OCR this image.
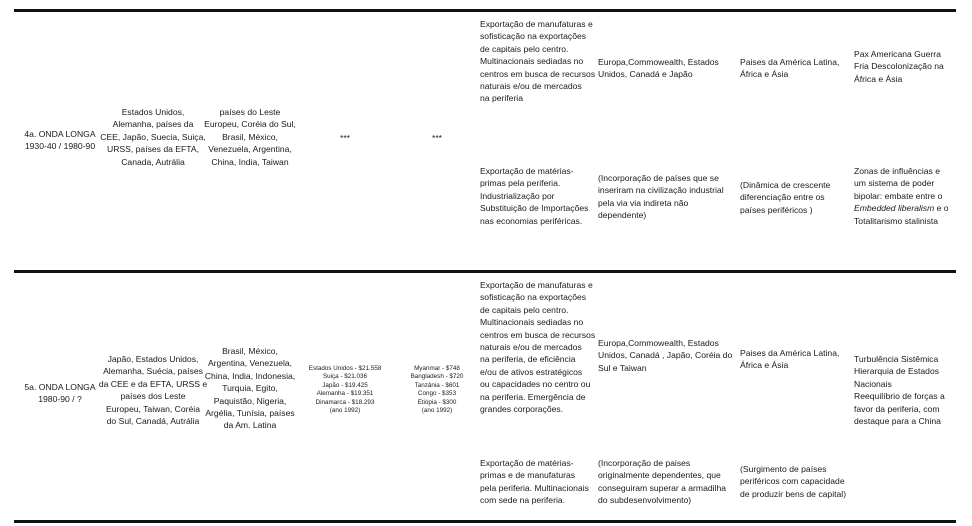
4a. ONDA LONGA
1930-40 / 1980-90
Estados Unidos,
Alemanha, países da
CEE, Japão, Suecia, Suiça,
URSS, países da EFTA,
Canada, Autrália
países do Leste
Europeu, Coréia do Sul,
Brasil, México,
Venezuela, Argentina,
China, India, Taiwan
***	***
Exportação de manufaturas e
sofisticação na exportações
de capitais pelo centro.
Multinacionais sediadas no
centros em busca de recursos
naturais e/ou de mercados
na periferia
Exportação de matérias-
primas pela periferia.
Industrialização por
Substituição de Importações
nas economias periféricas.
Europa,Commowealth, Estados
Unidos, Canadá e Japão
(Incorporação de países que se
inseriram na civilização industrial
pela via via indireta não
dependente)
Paises da América Latina,
África e Ásia
(Dinâmica de crescente
diferenciação entre os
países periféricos )
Pax Americana Guerra
Fria Descolonização na
África e Ásia
Zonas de influências e
um sistema de poder
bipolar: embate entre o
Embedded liberalism e o
Totalitarismo stalinista
5a. ONDA LONGA
1980-90 / ?
Japão, Estados Unidos,
Alemanha, Suécia, países
da CEE e da EFTA, URSS e
países dos Leste
Europeu, Taiwan, Coréia
do Sul, Canadá, Autrália
Brasil, México,
Argentina, Venezuela,
China, India, Indonesia,
Turquia, Egito,
Paquistão, Nigeria,
Argélia, Tunísia, países
da Am. Latina
Estados Unidos - $21.558
Suiça - $21.036
Japão - $19.425
Alemanha - $19.351
Dinamarca - $18.293
(ano 1992)
Myanmar - $748
Bangladesh - $720
Tanzânia - $601
Congo - $353
Etiópia - $300
(ano 1992)
Exportação de manufaturas e
sofisticação na exportações
de capitais pelo centro.
Multinacionais sediadas no
centros em busca de recursos
naturais e/ou de mercados
na periferia, de eficiência
e/ou de ativos estratégicos
ou capacidades no centro ou
na periferia. Emergência de
grandes corporações.
Exportação de matérias-
primas e de manufaturas
pela periferia. Multinacionais
com sede na periferia.
Europa,Commowealth, Estados
Unidos, Canadá , Japão, Coréia do
Sul e Taiwan
(Incorporação de paises
originalmente dependentes, que
conseguiram superar a armadilha
do subdesenvolvimento)
Paises da América Latina,
África e Ásia
(Surgimento de países
periféricos com capacidade
de produzir bens de capital)
Turbulência Sistêmica
Hierarquia de Estados
Nacionais
Reequilíbrio de forças a
favor da periferia, com
destaque para a China
